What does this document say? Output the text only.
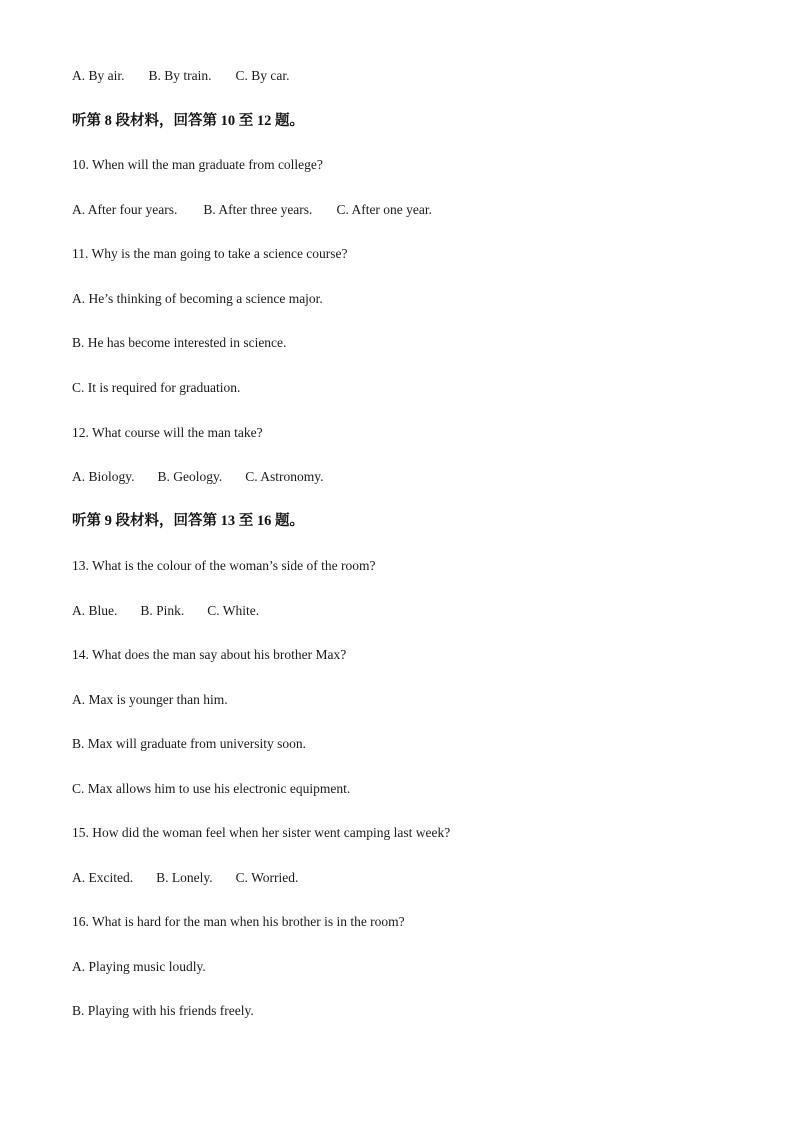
A. By air. B. By train. C. By car.
听第 8 段材料，回答第 10 至 12 题。
10. When will the man graduate from college?
A. After four years. B. After three years. C. After one year.
11. Why is the man going to take a science course?
A. He’s thinking of becoming a science major.
B. He has become interested in science.
C. It is required for graduation.
12. What course will the man take?
A. Biology. B. Geology. C. Astronomy.
听第 9 段材料，回答第 13 至 16 题。
13. What is the colour of the woman’s side of the room?
A. Blue. B. Pink. C. White.
14. What does the man say about his brother Max?
A. Max is younger than him.
B. Max will graduate from university soon.
C. Max allows him to use his electronic equipment.
15. How did the woman feel when her sister went camping last week?
A. Excited. B. Lonely. C. Worried.
16. What is hard for the man when his brother is in the room?
A. Playing music loudly.
B. Playing with his friends freely.
